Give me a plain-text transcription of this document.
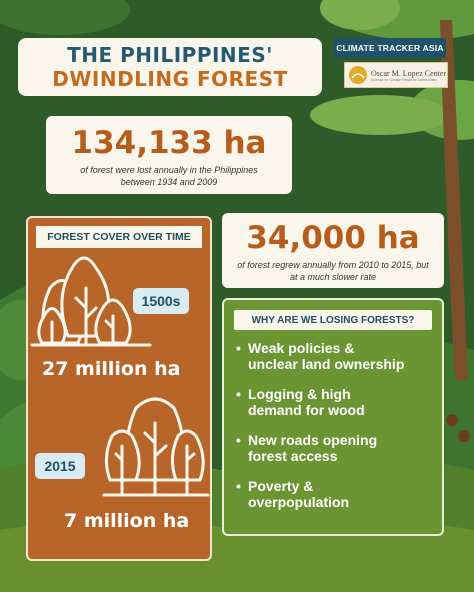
THE PHILIPPINES'
DWINDLING FOREST
CLIMATE TRACKER ASIA
Oscar M. Lopez Center
Science for Climate Resilient Communities
134,133 ha
of forest were lost annually in the Philippines
between 1934 and 2009
34,000 ha
of forest regrew annually from 2010 to 2015, but
at a much slower rate
FOREST COVER OVER TIME
1500s
27 million ha
2015
7 million ha
WHY ARE WE LOSING FORESTS?
• Weak policies &
unclear land ownership
• Logging & high
demand for wood
• New roads opening
forest access
• Poverty &
overpopulation
